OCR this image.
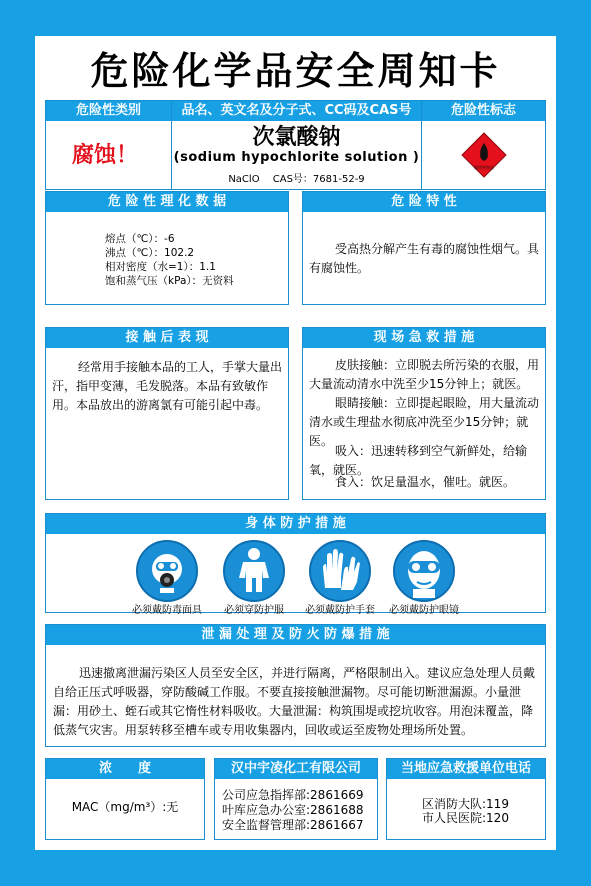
危险化学品安全周知卡
危险性类别	品名、英文名及分子式、CC码及CAS号	危险性标志
腐蚀！
次氯酸钠
(sodium hypochlorite solution )
NaClO　 CAS号：7681-52-9
腐蚀性物品
危 险 性 理 化 数 据
熔点（℃）：-6
沸点（℃）：102.2
相对密度（水=1）：1.1
饱和蒸气压（kPa）：无资料
危 险 特 性
受高热分解产生有毒的腐蚀性烟气。具有腐蚀性。
接 触 后 表 现
经常用手接触本品的工人，手掌大量出汗，指甲变薄，毛发脱落。本品有致敏作用。本品放出的游离氯有可能引起中毒。
现 场 急 救 措 施
皮肤接触：立即脱去所污染的衣服，用大量流动清水中洗至少15分钟上；就医。
眼睛接触：立即提起眼睑，用大量流动清水或生理盐水彻底冲洗至少15分钟；就医。
吸入：迅速转移到空气新鲜处，给输氧，就医。
食入：饮足量温水，催吐。就医。
身 体 防 护 措 施
必须戴防毒面具	必须穿防护服	必须戴防护手套	必须戴防护眼镜
泄 漏 处 理 及 防 火 防 爆 措 施
迅速撤离泄漏污染区人员至安全区，并进行隔离，严格限制出入。建议应急处理人员戴自给正压式呼吸器，穿防酸碱工作服。不要直接接触泄漏物。尽可能切断泄漏源。小量泄漏：用砂土、蛭石或其它惰性材料吸收。大量泄漏：构筑围堤或挖坑收容。用泡沫覆盖，降低蒸气灾害。用泵转移至槽车或专用收集器内，回收或运至废物处理场所处置。
浓　　度
MAC（mg/m³）:无
汉中宇凌化工有限公司
公司应急指挥部:2861669
叶库应急办公室:2861688
安全监督管理部:2861667
当地应急救援单位电话
区消防大队:119
市人民医院:120
